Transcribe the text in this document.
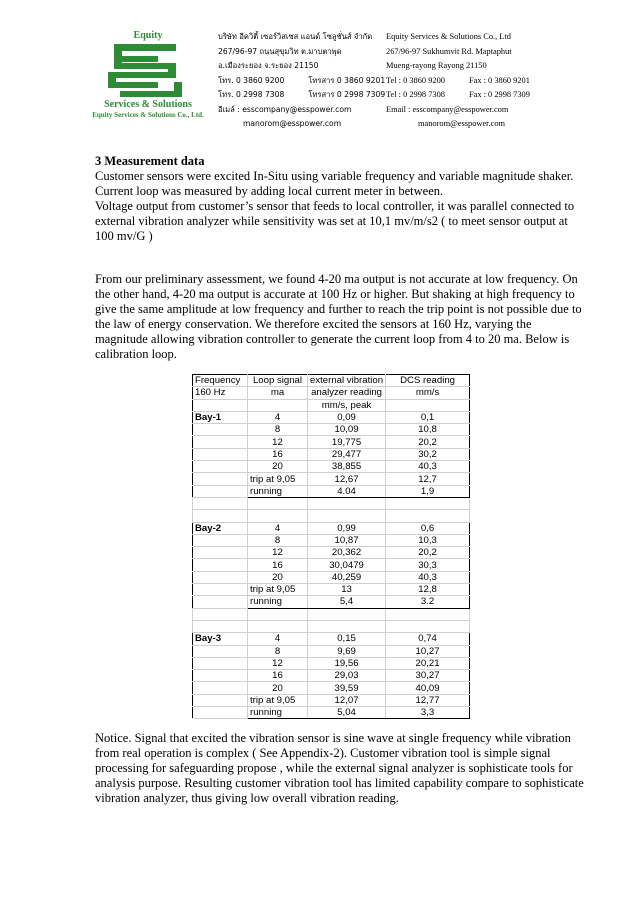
Equity
Services & Solutions
Equity Services & Solutions Co., Ltd.
บริษัท อีควิตี้ เซอร์วิสเซส แอนด์ โซลูชั่นส์ จำกัด
267/96-97 ถนนสุขุมวิท ต.มาบตาพุด
อ.เมืองระยอง จ.ระยอง 21150
โทร. 0 3860 9200	โทรสาร 0 3860 9201
โทร. 0 2998 7308	โทรสาร 0 2998 7309
อีเมล์ : esscompany@esspower.com
manorom@esspower.com
Equity Services & Solutions Co., Ltd
267/96-97 Sukhumvit Rd. Maptaphut
Mueng-rayong Rayong 21150
Tel : 0 3860 9200	Fax : 0 3860 9201
Tel : 0 2998 7308	Fax : 0 2998 7309
Email : esscompany@esspower.com
manorom@esspower.com
3 Measurement data
Customer sensors were excited In-Situ using variable frequency and variable magnitude shaker.
Current loop was measured by adding local current meter in between.
Voltage output from customer’s sensor that feeds to local controller, it was parallel connected to external vibration analyzer while sensitivity was set at 10,1 mv/m/s2 ( to meet sensor output at 100 mv/G )
From our preliminary assessment, we found 4-20 ma output is not accurate at low frequency. On the other hand, 4-20 ma output is accurate at 100 Hz or higher. But shaking at high frequency to give the same amplitude at low frequency and further to reach the trip point is not possible due to the law of energy conservation. We therefore excited the sensors at 160 Hz, varying the magnitude allowing vibration controller to generate the current loop from 4 to 20 ma. Below is calibration loop.
Frequency	Loop signal	external vibration	DCS reading
160 Hz	ma	analyzer reading	mm/s
		mm/s, peak	
Bay-1	4	0,09	0,1
	8	10,09	10,8
	12	19,775	20,2
	16	29,477	30,2
	20	38,855	40,3
	trip at 9,05	12,67	12,7
	running	4.04	1,9

Bay-2	4	0,99	0,6
	8	10,87	10,3
	12	20,362	20,2
	16	30,0479	30,3
	20	40,259	40,3
	trip at 9,05	13	12,8
	running	5,4	3.2

Bay-3	4	0,15	0,74
	8	9,69	10,27
	12	19,56	20,21
	16	29,03	30,27
	20	39,59	40,09
	trip at 9,05	12,07	12,77
	running	5,04	3,3
Notice. Signal that excited the vibration sensor is sine wave at single frequency while vibration from real operation is complex ( See Appendix-2). Customer vibration tool is simple signal processing for safeguarding propose , while the external signal analyzer is sophisticate tools for analysis purpose. Resulting customer vibration tool has limited capability compare to sophisticate vibration analyzer, thus giving low overall vibration reading.
